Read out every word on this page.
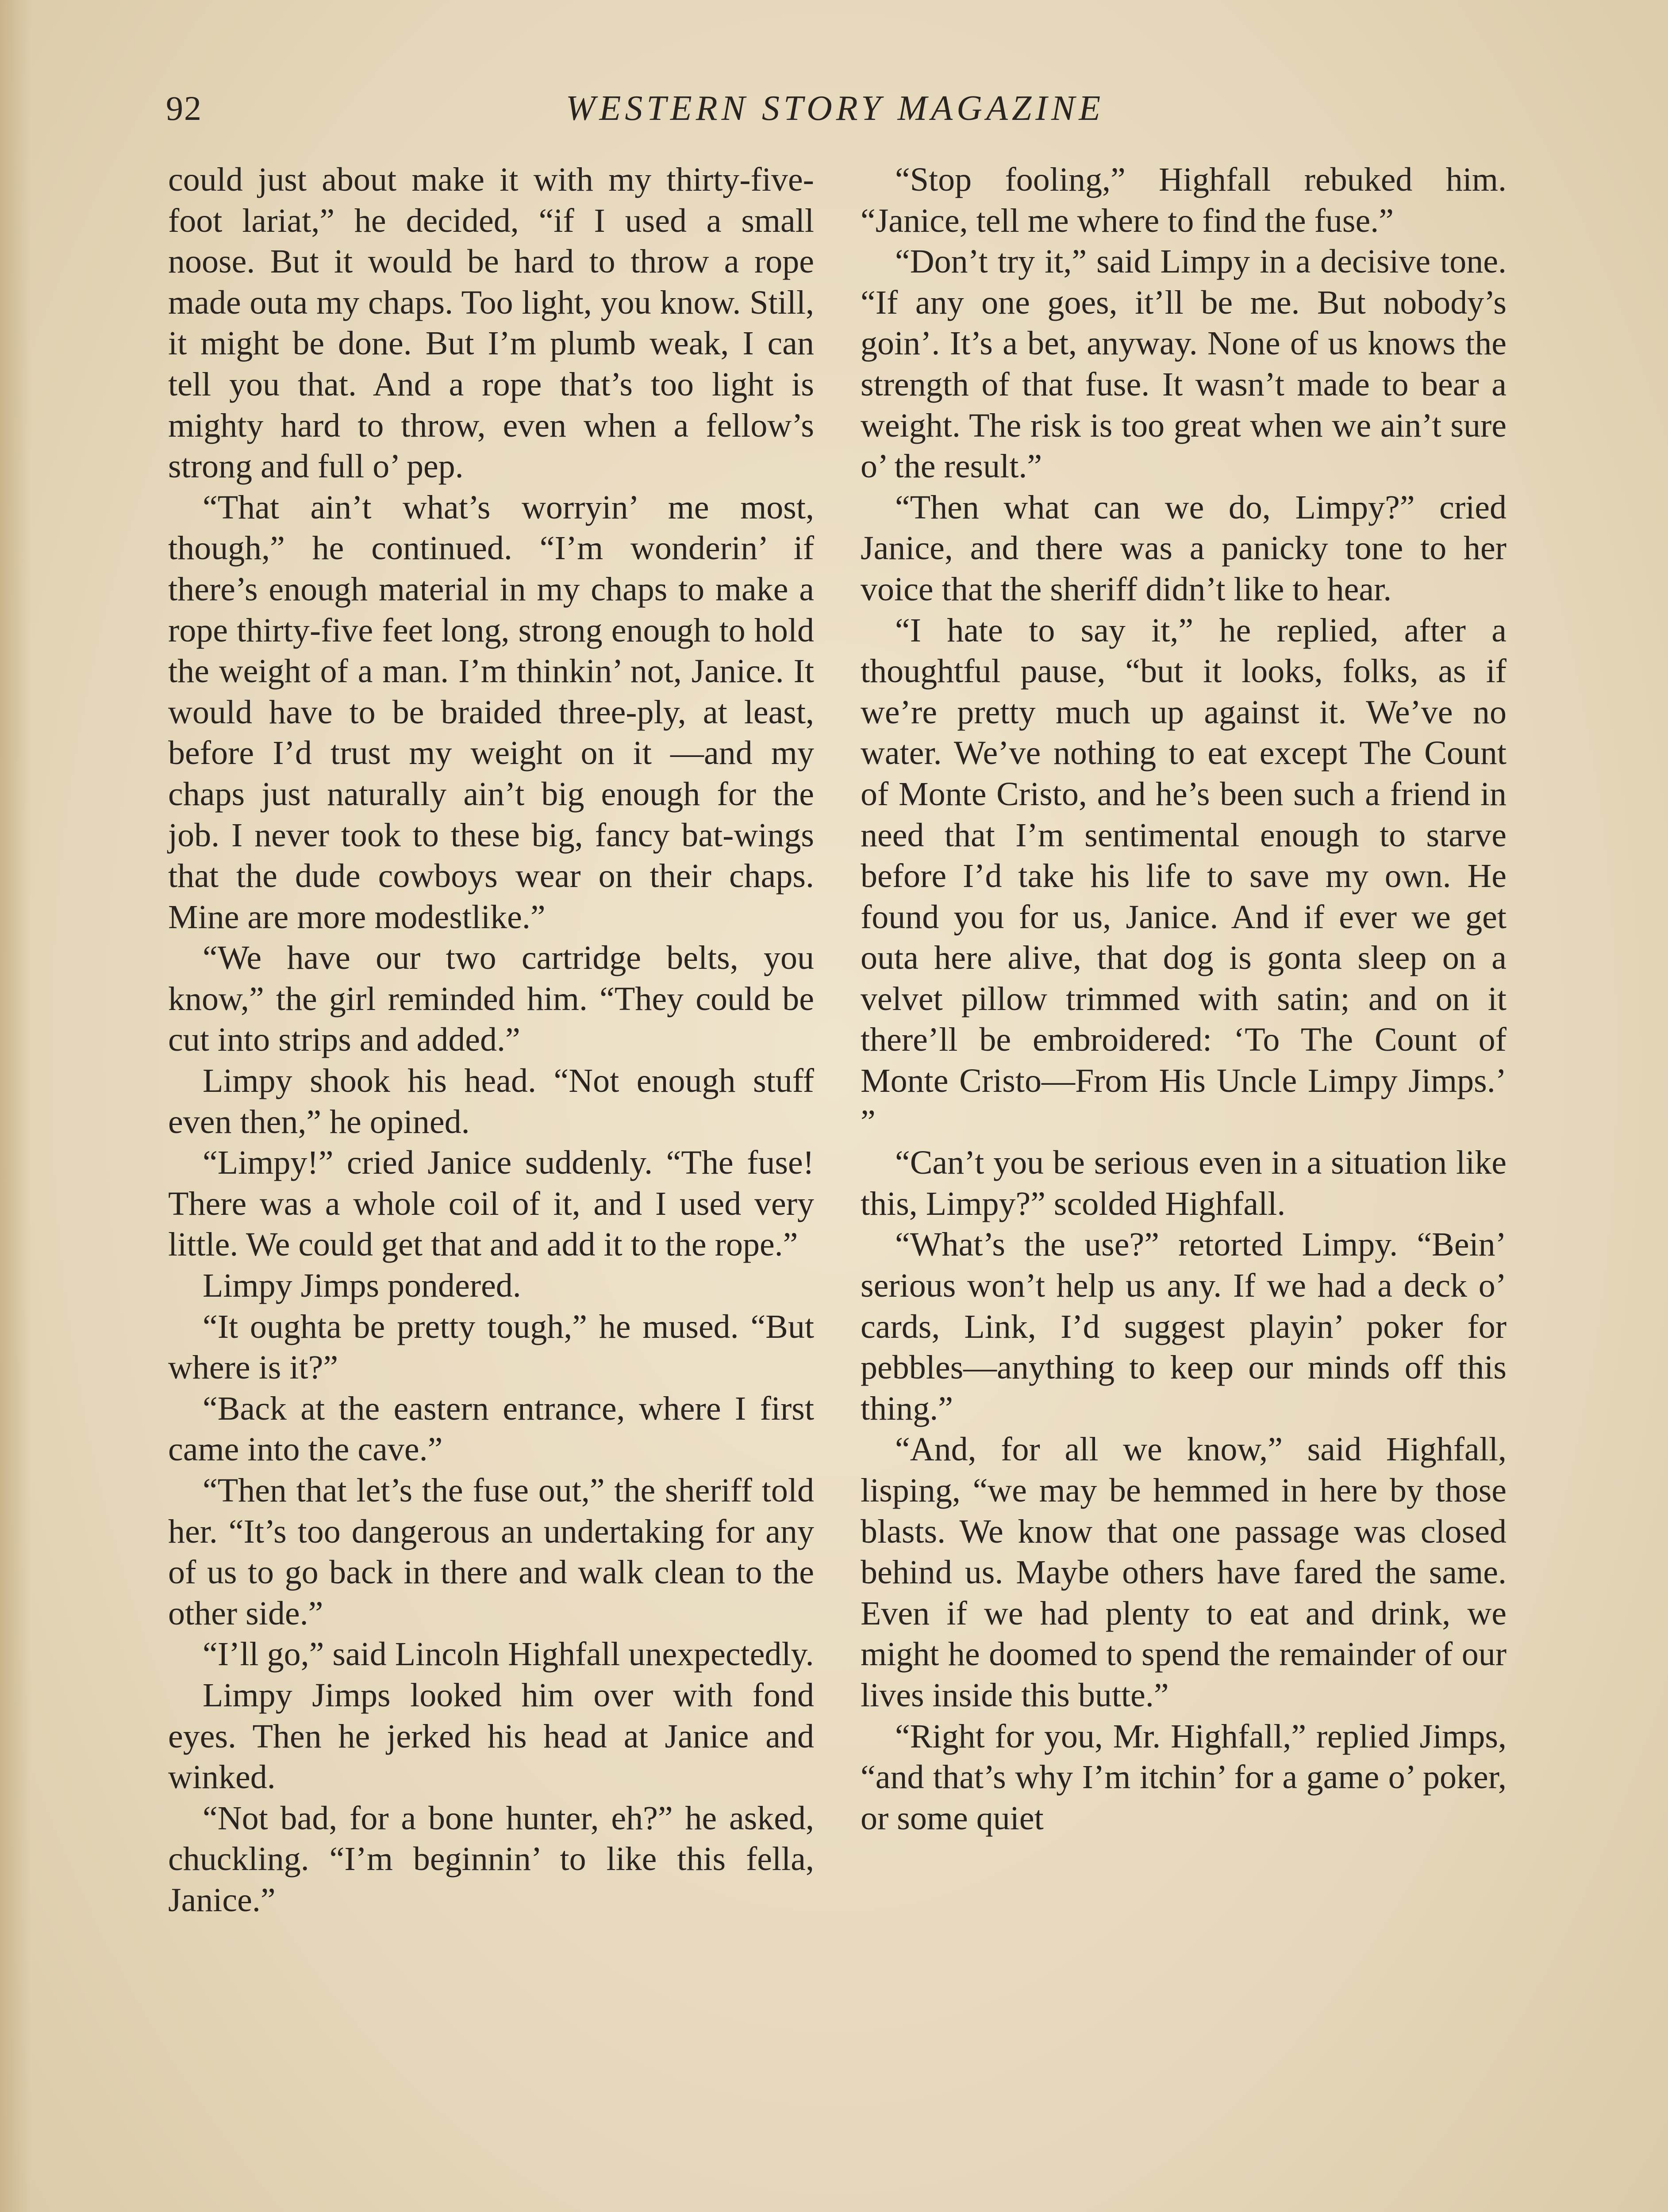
92	WESTERN STORY MAGAZINE

could just about make it with my thirty-five-foot lariat,” he decided, “if I used a small noose. But it would be hard to throw a rope made outa my chaps. Too light, you know. Still, it might be done. But I’m plumb weak, I can tell you that. And a rope that’s too light is mighty hard to throw, even when a fellow’s strong and full o’ pep.

“That ain’t what’s worryin’ me most, though,” he continued. “I’m wonderin’ if there’s enough material in my chaps to make a rope thirty-five feet long, strong enough to hold the weight of a man. I’m thinkin’ not, Janice. It would have to be braided three-ply, at least, before I’d trust my weight on it —and my chaps just naturally ain’t big enough for the job. I never took to these big, fancy bat-wings that the dude cowboys wear on their chaps. Mine are more modestlike.”

“We have our two cartridge belts, you know,” the girl reminded him. “They could be cut into strips and added.”

Limpy shook his head. “Not enough stuff even then,” he opined.

“Limpy!” cried Janice suddenly. “The fuse! There was a whole coil of it, and I used very little. We could get that and add it to the rope.”

Limpy Jimps pondered.

“It oughta be pretty tough,” he mused. “But where is it?”

“Back at the eastern entrance, where I first came into the cave.”

“Then that let’s the fuse out,” the sheriff told her. “It’s too dangerous an undertaking for any of us to go back in there and walk clean to the other side.”

“I’ll go,” said Lincoln Highfall unexpectedly.

Limpy Jimps looked him over with fond eyes. Then he jerked his head at Janice and winked.

“Not bad, for a bone hunter, eh?” he asked, chuckling. “I’m beginnin’ to like this fella, Janice.”

“Stop fooling,” Highfall rebuked him. “Janice, tell me where to find the fuse.”

“Don’t try it,” said Limpy in a decisive tone. “If any one goes, it’ll be me. But nobody’s goin’. It’s a bet, anyway. None of us knows the strength of that fuse. It wasn’t made to bear a weight. The risk is too great when we ain’t sure o’ the result.”

“Then what can we do, Limpy?” cried Janice, and there was a panicky tone to her voice that the sheriff didn’t like to hear.

“I hate to say it,” he replied, after a thoughtful pause, “but it looks, folks, as if we’re pretty much up against it. We’ve no water. We’ve nothing to eat except The Count of Monte Cristo, and he’s been such a friend in need that I’m sentimental enough to starve before I’d take his life to save my own. He found you for us, Janice. And if ever we get outa here alive, that dog is gonta sleep on a velvet pillow trimmed with satin; and on it there’ll be embroidered: ‘To The Count of Monte Cristo—From His Uncle Limpy Jimps.’ ”

“Can’t you be serious even in a situation like this, Limpy?” scolded Highfall.

“What’s the use?” retorted Limpy. “Bein’ serious won’t help us any. If we had a deck o’ cards, Link, I’d suggest playin’ poker for pebbles—anything to keep our minds off this thing.”

“And, for all we know,” said Highfall, lisping, “we may be hemmed in here by those blasts. We know that one passage was closed behind us. Maybe others have fared the same. Even if we had plenty to eat and drink, we might he doomed to spend the remainder of our lives inside this butte.”

“Right for you, Mr. Highfall,” replied Jimps, “and that’s why I’m itchin’ for a game o’ poker, or some quiet
